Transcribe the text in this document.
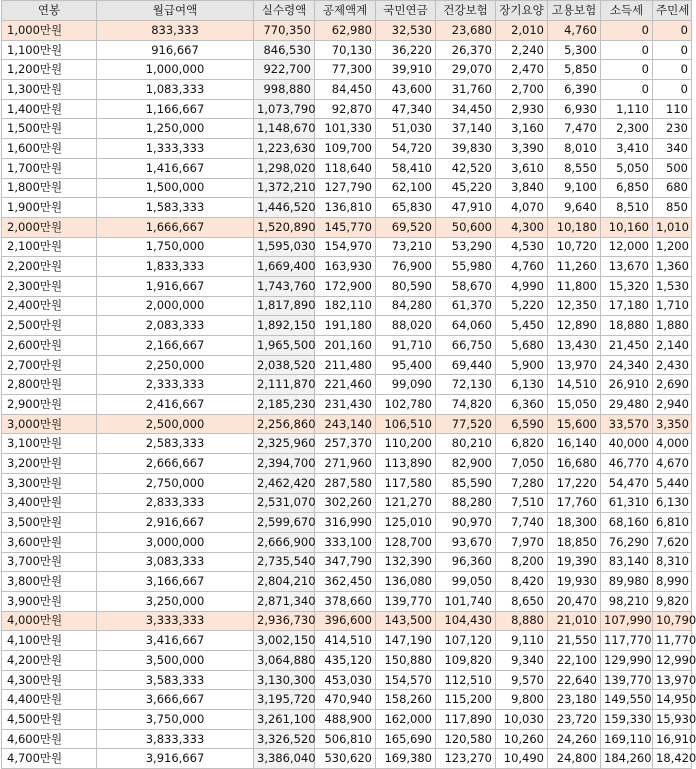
연봉	월급여액	실수령액	공제액계	국민연금	건강보험	장기요양	고용보험	소득세	주민세
1,000만원	833,333	770,350	62,980	32,530	23,680	2,010	4,760	0	0
1,100만원	916,667	846,530	70,130	36,220	26,370	2,240	5,300	0	0
1,200만원	1,000,000	922,700	77,300	39,910	29,070	2,470	5,850	0	0
1,300만원	1,083,333	998,880	84,450	43,600	31,760	2,700	6,390	0	0
1,400만원	1,166,667	1,073,790	92,870	47,340	34,450	2,930	6,930	1,110	110
1,500만원	1,250,000	1,148,670	101,330	51,030	37,140	3,160	7,470	2,300	230
1,600만원	1,333,333	1,223,630	109,700	54,720	39,830	3,390	8,010	3,410	340
1,700만원	1,416,667	1,298,020	118,640	58,410	42,520	3,610	8,550	5,050	500
1,800만원	1,500,000	1,372,210	127,790	62,100	45,220	3,840	9,100	6,850	680
1,900만원	1,583,333	1,446,520	136,810	65,830	47,910	4,070	9,640	8,510	850
2,000만원	1,666,667	1,520,890	145,770	69,520	50,600	4,300	10,180	10,160	1,010
2,100만원	1,750,000	1,595,030	154,970	73,210	53,290	4,530	10,720	12,000	1,200
2,200만원	1,833,333	1,669,400	163,930	76,900	55,980	4,760	11,260	13,670	1,360
2,300만원	1,916,667	1,743,760	172,900	80,590	58,670	4,990	11,800	15,320	1,530
2,400만원	2,000,000	1,817,890	182,110	84,280	61,370	5,220	12,350	17,180	1,710
2,500만원	2,083,333	1,892,150	191,180	88,020	64,060	5,450	12,890	18,880	1,880
2,600만원	2,166,667	1,965,500	201,160	91,710	66,750	5,680	13,430	21,450	2,140
2,700만원	2,250,000	2,038,520	211,480	95,400	69,440	5,900	13,970	24,340	2,430
2,800만원	2,333,333	2,111,870	221,460	99,090	72,130	6,130	14,510	26,910	2,690
2,900만원	2,416,667	2,185,230	231,430	102,780	74,820	6,360	15,050	29,480	2,940
3,000만원	2,500,000	2,256,860	243,140	106,510	77,520	6,590	15,600	33,570	3,350
3,100만원	2,583,333	2,325,960	257,370	110,200	80,210	6,820	16,140	40,000	4,000
3,200만원	2,666,667	2,394,700	271,960	113,890	82,900	7,050	16,680	46,770	4,670
3,300만원	2,750,000	2,462,420	287,580	117,580	85,590	7,280	17,220	54,470	5,440
3,400만원	2,833,333	2,531,070	302,260	121,270	88,280	7,510	17,760	61,310	6,130
3,500만원	2,916,667	2,599,670	316,990	125,010	90,970	7,740	18,300	68,160	6,810
3,600만원	3,000,000	2,666,900	333,100	128,700	93,670	7,970	18,850	76,290	7,620
3,700만원	3,083,333	2,735,540	347,790	132,390	96,360	8,200	19,390	83,140	8,310
3,800만원	3,166,667	2,804,210	362,450	136,080	99,050	8,420	19,930	89,980	8,990
3,900만원	3,250,000	2,871,340	378,660	139,770	101,740	8,650	20,470	98,210	9,820
4,000만원	3,333,333	2,936,730	396,600	143,500	104,430	8,880	21,010	107,990	10,790
4,100만원	3,416,667	3,002,150	414,510	147,190	107,120	9,110	21,550	117,770	11,770
4,200만원	3,500,000	3,064,880	435,120	150,880	109,820	9,340	22,100	129,990	12,990
4,300만원	3,583,333	3,130,300	453,030	154,570	112,510	9,570	22,640	139,770	13,970
4,400만원	3,666,667	3,195,720	470,940	158,260	115,200	9,800	23,180	149,550	14,950
4,500만원	3,750,000	3,261,100	488,900	162,000	117,890	10,030	23,720	159,330	15,930
4,600만원	3,833,333	3,326,520	506,810	165,690	120,580	10,260	24,260	169,110	16,910
4,700만원	3,916,667	3,386,040	530,620	169,380	123,270	10,490	24,800	184,260	18,420
